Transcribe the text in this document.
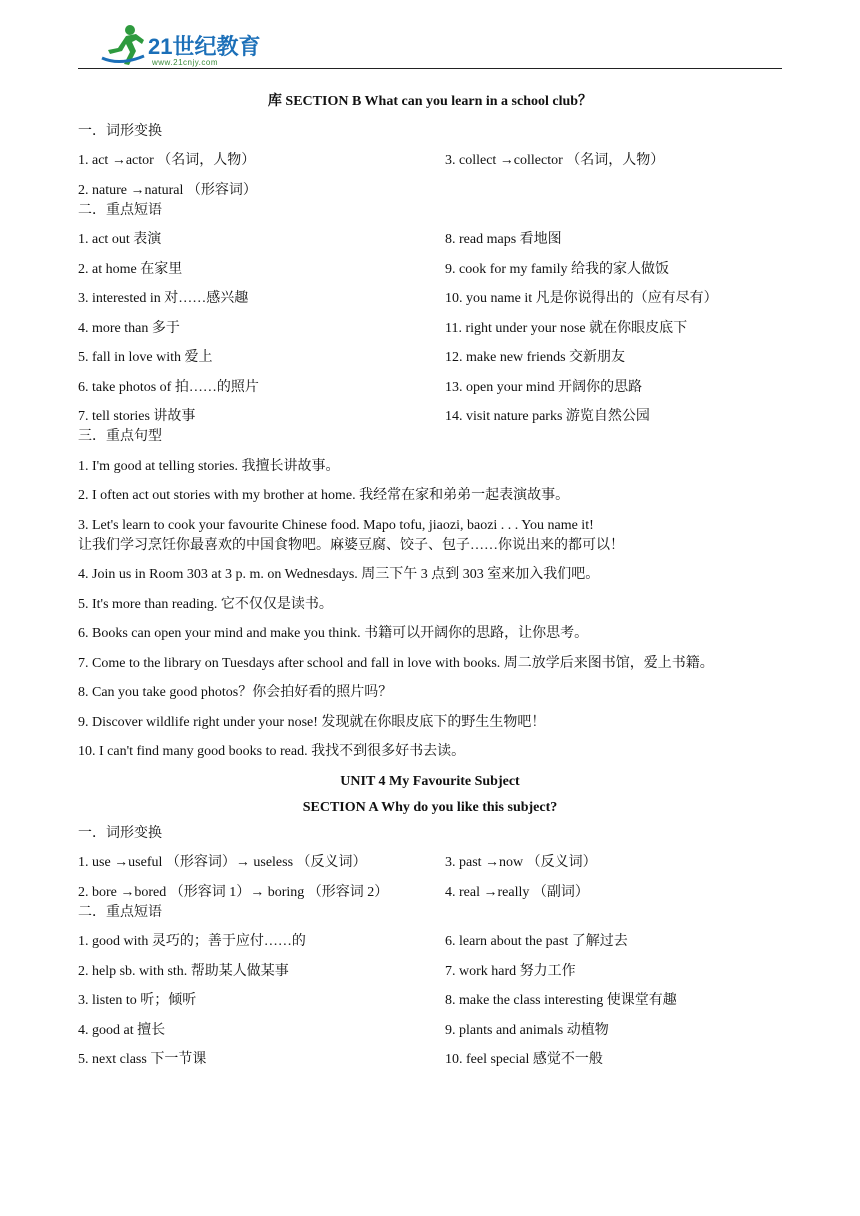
21世纪教育
www.21cnjy.com
库 SECTION B What can you learn in a school club？
一．词形变换
1. act →actor （名词，人物）	3. collect →collector （名词，人物）
2. nature →natural （形容词）
二．重点短语
1. act out 表演	8. read maps 看地图
2. at home 在家里	9. cook for my family 给我的家人做饭
3. interested in 对……感兴趣	10. you name it 凡是你说得出的（应有尽有）
4. more than 多于	11. right under your nose 就在你眼皮底下
5. fall in love with 爱上	12. make new friends 交新朋友
6. take photos of 拍……的照片	13. open your mind 开阔你的思路
7. tell stories 讲故事	14. visit nature parks 游览自然公园
三．重点句型
1. I'm good at telling stories. 我擅长讲故事。
2. I often act out stories with my brother at home. 我经常在家和弟弟一起表演故事。
3. Let's learn to cook your favourite Chinese food. Mapo tofu, jiaozi, baozi . . . You name it!
让我们学习烹饪你最喜欢的中国食物吧。麻婆豆腐、饺子、包子……你说出来的都可以！
4. Join us in Room 303 at 3 p. m. on Wednesdays. 周三下午 3 点到 303 室来加入我们吧。
5. It's more than reading. 它不仅仅是读书。
6. Books can open your mind and make you think. 书籍可以开阔你的思路，让你思考。
7. Come to the library on Tuesdays after school and fall in love with books. 周二放学后来图书馆，爱上书籍。
8. Can you take good photos？你会拍好看的照片吗？
9. Discover wildlife right under your nose! 发现就在你眼皮底下的野生生物吧！
10. I can't find many good books to read. 我找不到很多好书去读。
UNIT 4 My Favourite Subject
SECTION A Why do you like this subject?
一．词形变换
1. use →useful （形容词）→ useless （反义词）	3. past →now （反义词）
2. bore →bored （形容词 1）→ boring （形容词 2）	4. real →really （副词）
二．重点短语
1. good with 灵巧的；善于应付……的	6. learn about the past 了解过去
2. help sb. with sth. 帮助某人做某事	7. work hard 努力工作
3. listen to 听；倾听	8. make the class interesting 使课堂有趣
4. good at 擅长	9. plants and animals 动植物
5. next class 下一节课	10. feel special 感觉不一般
